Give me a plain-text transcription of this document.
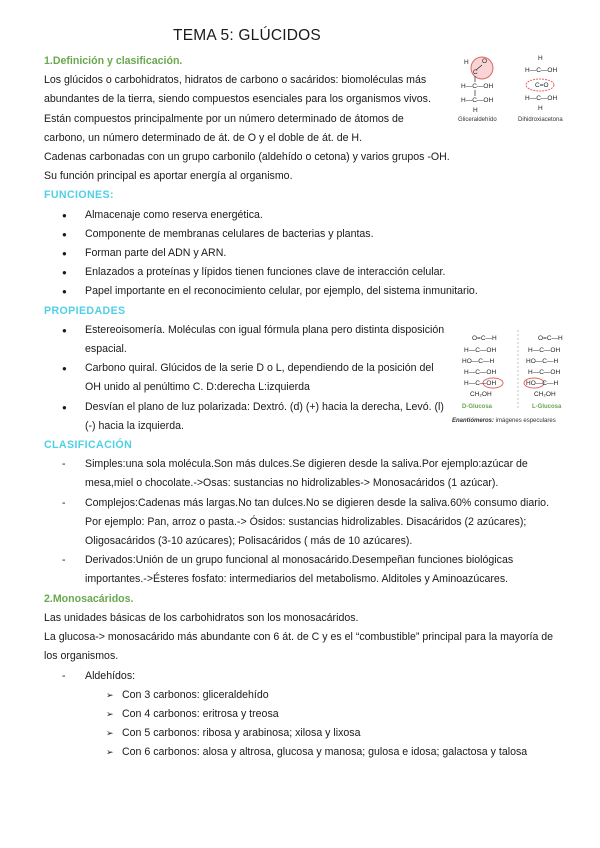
TEMA 5: GLÚCIDOS
H O
C
H—C—OH
H—C—OH
H
H
H—C—OH
C=O
H—C—OH
H
Gliceraldehído	Dihidroxiacetona
O=C—H
H—C—OH
HO—C—H
H—C—OH
H—C—OH
CH₂OH
O=C—H
H—C—OH
HO—C—H
H—C—OH
HO—C—H
CH₂OH
D-Glucosa	L-Glucosa
Enantiómeros: imágenes especulares

1.Definición y clasificación.

Los glúcidos o carbohidratos, hidratos de carbono o sacáridos: biomoléculas más

abundantes de la tierra, siendo compuestos esenciales para los organismos vivos.

Están compuestos principalmente por un número determinado de átomos de

carbono, un número determinado de át. de O y el doble de át. de H.

Cadenas carbonadas con un grupo carbonilo (aldehído o cetona) y varios grupos -OH.

Su función principal es aportar energía al organismo.

FUNCIONES:

● Almacenaje como reserva energética.
● Componente de membranas celulares de bacterias y plantas.
● Forman parte del ADN y ARN.
● Enlazados a proteínas y lípidos tienen funciones clave de interacción celular.
● Papel importante en el reconocimiento celular, por ejemplo, del sistema inmunitario.

PROPIEDADES

● Estereoisomería. Moléculas con igual fórmula plana pero distinta disposición espacial.
● Carbono quiral. Glúcidos de la serie D o L, dependiendo de la posición del OH unido al penúltimo C. D:derecha L:izquierda
● Desvían el plano de luz polarizada: Dextró. (d) (+) hacia la derecha, Levó. (l) (-) hacia la izquierda.

CLASIFICACIÓN

- Simples:una sola molécula.Son más dulces.Se digieren desde la saliva.Por ejemplo:azúcar de mesa,miel o chocolate.->Osas: sustancias no hidrolizables-> Monosacáridos (1 azúcar).
- Complejos:Cadenas más largas.No tan dulces.No se digieren desde la saliva.60% consumo diario. Por ejemplo: Pan, arroz o pasta.-> Ósidos: sustancias hidrolizables. Disacáridos (2 azúcares); Oligosacáridos (3-10 azúcares); Polisacáridos ( más de 10 azúcares).
- Derivados:Unión de un grupo funcional al monosacárido.Desempeñan funciones biológicas importantes.->Ésteres fosfato: intermediarios del metabolismo. Alditoles y Aminoazúcares.

2.Monosacáridos.

Las unidades básicas de los carbohidratos son los monosacáridos.

La glucosa-> monosacárido más abundante con 6 át. de C y es el “combustible” principal para la mayoría de los organismos.

- Aldehídos:
➢ Con 3 carbonos: gliceraldehído
➢ Con 4 carbonos: eritrosa y treosa
➢ Con 5 carbonos: ribosa y arabinosa; xilosa y lixosa
➢ Con 6 carbonos: alosa y altrosa, glucosa y manosa; gulosa e idosa; galactosa y talosa
